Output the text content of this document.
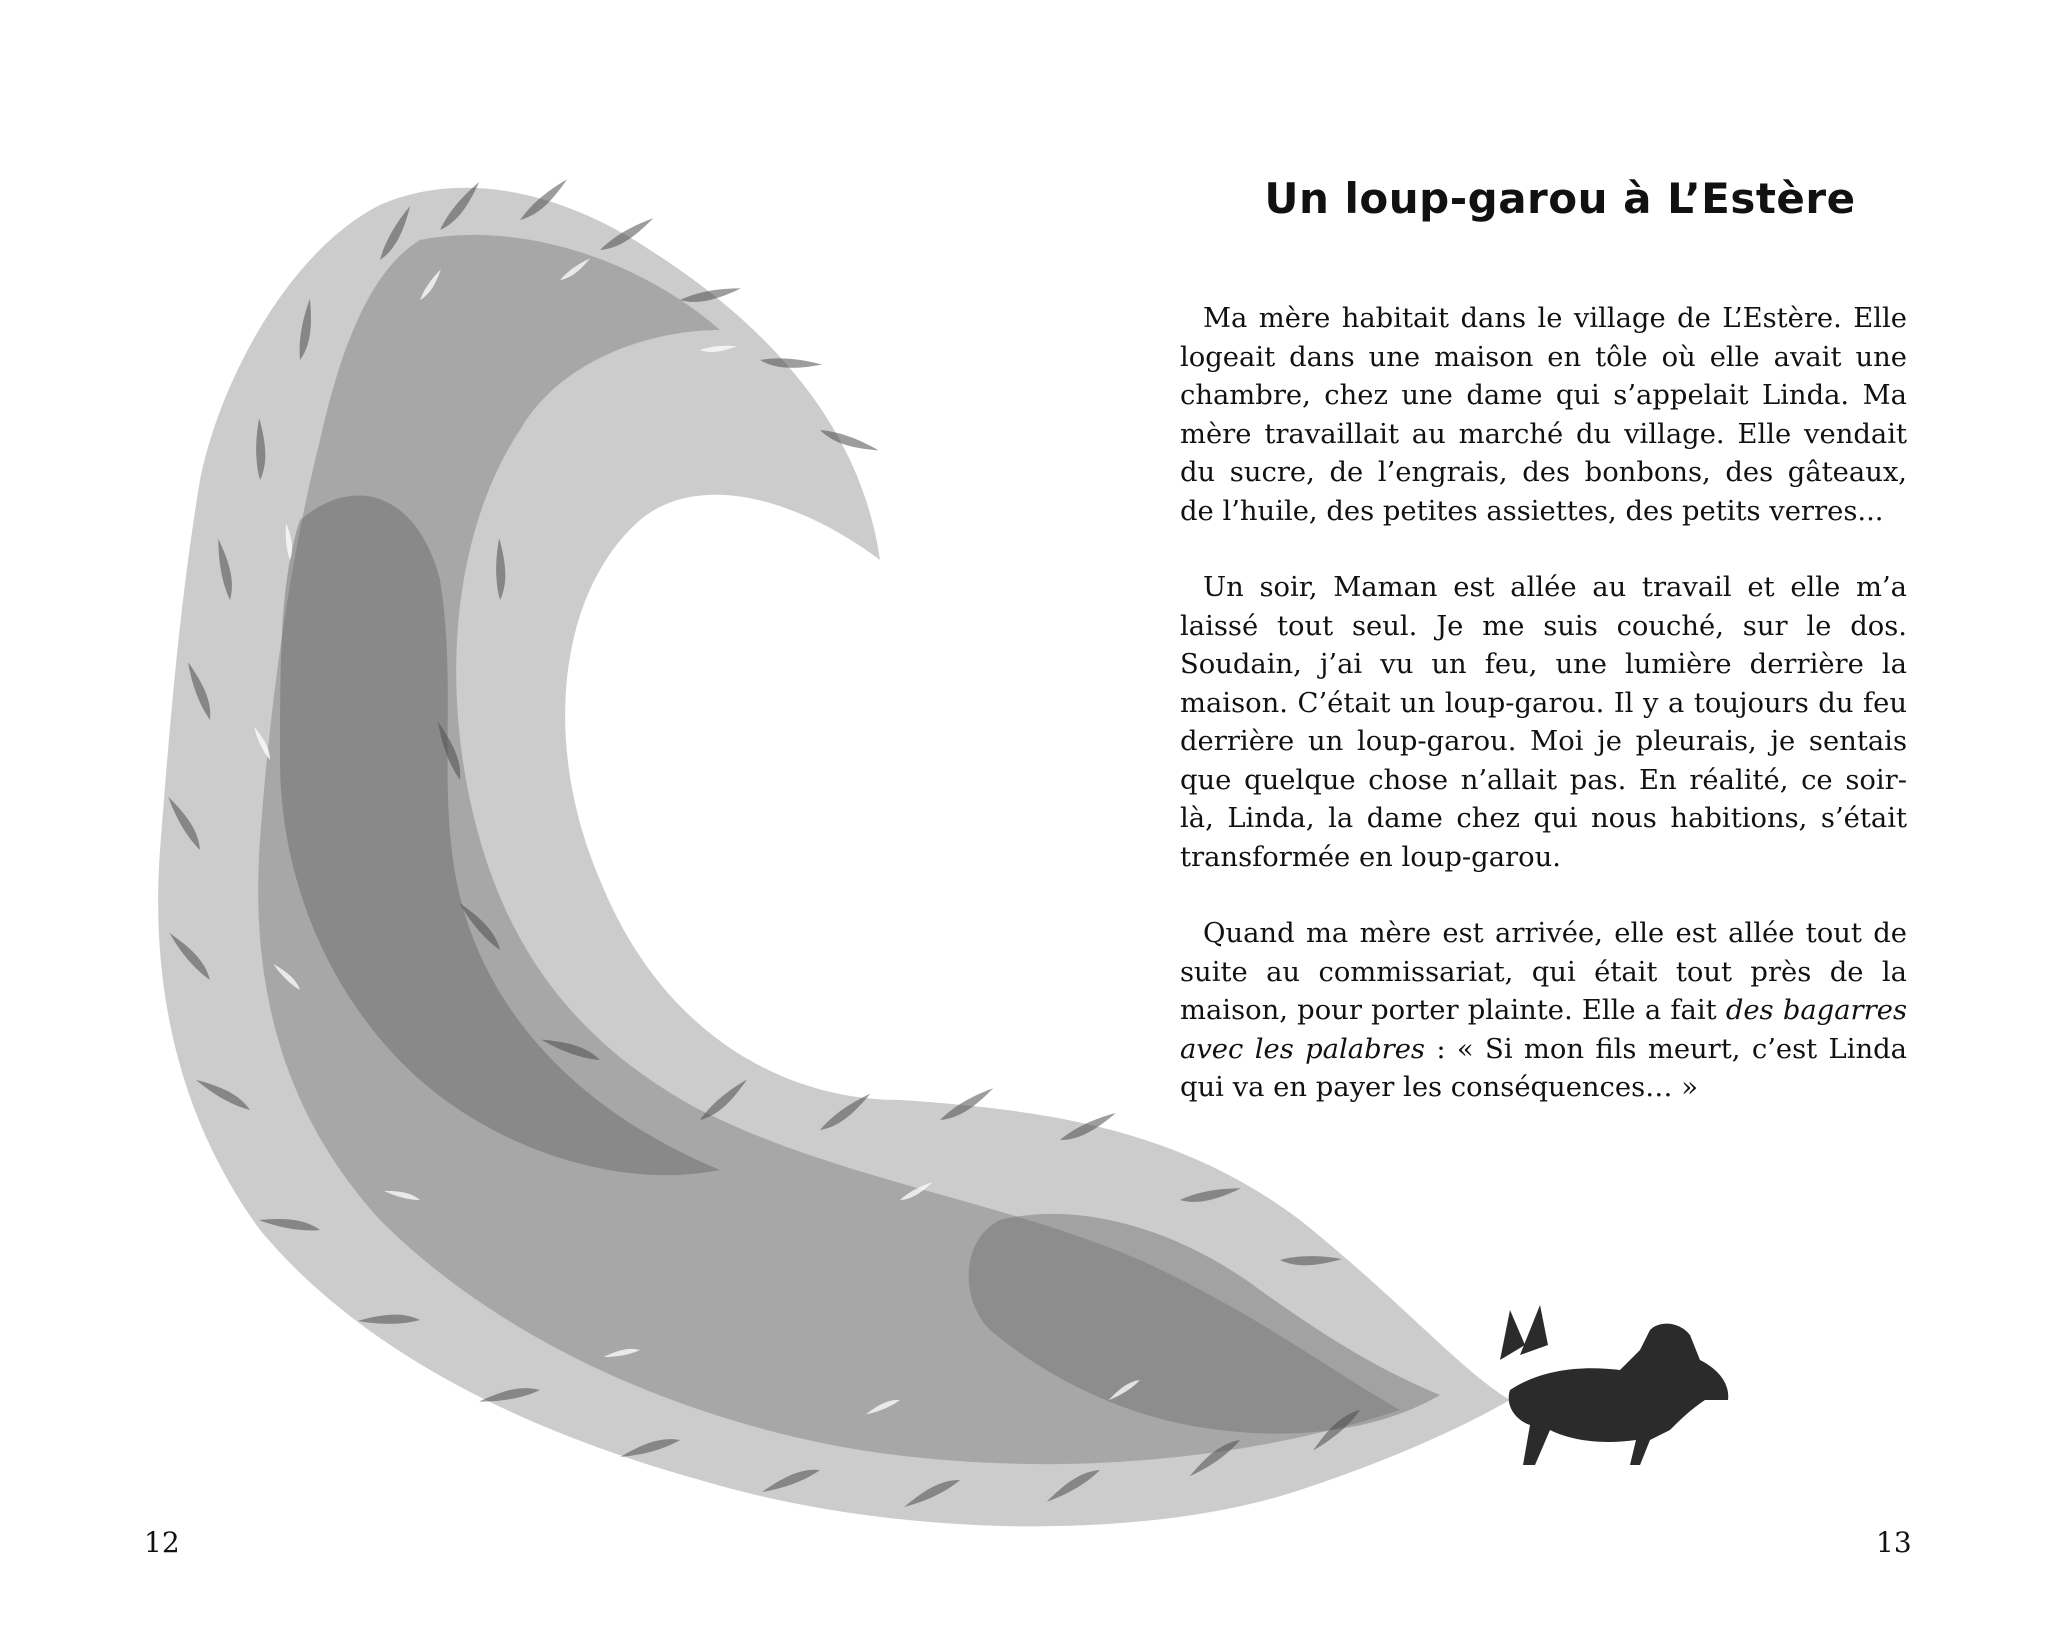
Un loup-garou à L’Estère

Ma mère habitait dans le village de L’Estère. Elle logeait dans une maison en tôle où elle avait une chambre, chez une dame qui s’appelait Linda. Ma mère travaillait au marché du village. Elle vendait du sucre, de l’engrais, des bonbons, des gâteaux, de l’huile, des petites assiettes, des petits verres...

Un soir, Maman est allée au travail et elle m’a laissé tout seul. Je me suis couché, sur le dos. Soudain, j’ai vu un feu, une lumière derrière la maison. C’était un loup-garou. Il y a toujours du feu derrière un loup-garou. Moi je pleurais, je sentais que quelque chose n’allait pas. En réalité, ce soir-là, Linda, la dame chez qui nous habitions, s’était transformée en loup-garou.

Quand ma mère est arrivée, elle est allée tout de suite au commissariat, qui était tout près de la maison, pour porter plainte. Elle a fait des bagarres avec les palabres : « Si mon fils meurt, c’est Linda qui va en payer les conséquences… »

12	13
